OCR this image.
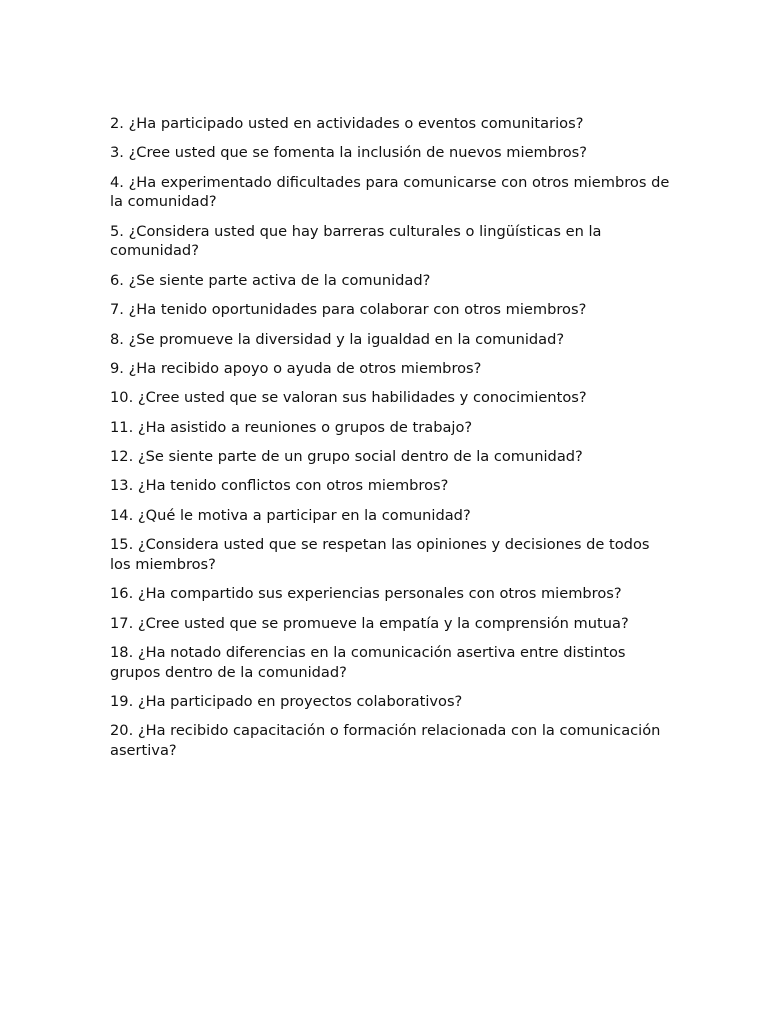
2. ¿Ha participado usted en actividades o eventos comunitarios?
3. ¿Cree usted que se fomenta la inclusión de nuevos miembros?
4. ¿Ha experimentado dificultades para comunicarse con otros miembros de la comunidad?
5. ¿Considera usted que hay barreras culturales o lingüísticas en la comunidad?
6. ¿Se siente parte activa de la comunidad?
7. ¿Ha tenido oportunidades para colaborar con otros miembros?
8. ¿Se promueve la diversidad y la igualdad en la comunidad?
9. ¿Ha recibido apoyo o ayuda de otros miembros?
10. ¿Cree usted que se valoran sus habilidades y conocimientos?
11. ¿Ha asistido a reuniones o grupos de trabajo?
12. ¿Se siente parte de un grupo social dentro de la comunidad?
13. ¿Ha tenido conflictos con otros miembros?
14. ¿Qué le motiva a participar en la comunidad?
15. ¿Considera usted que se respetan las opiniones y decisiones de todos los miembros?
16. ¿Ha compartido sus experiencias personales con otros miembros?
17. ¿Cree usted que se promueve la empatía y la comprensión mutua?
18. ¿Ha notado diferencias en la comunicación asertiva entre distintos grupos dentro de la comunidad?
19. ¿Ha participado en proyectos colaborativos?
20. ¿Ha recibido capacitación o formación relacionada con la comunicación asertiva?
